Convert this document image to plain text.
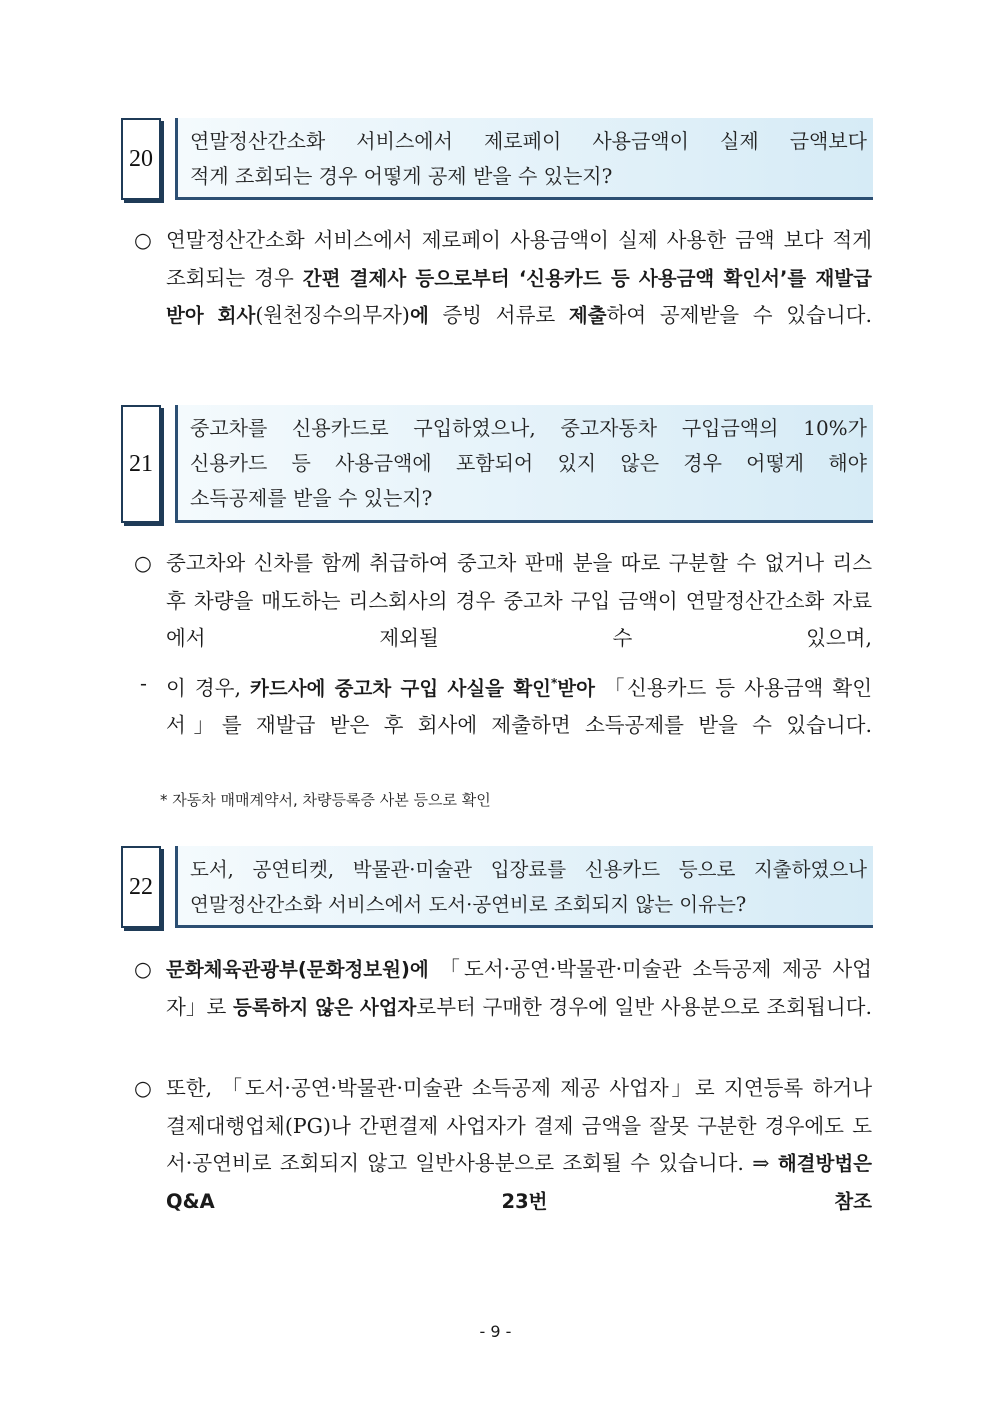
20
연말정산간소화 서비스에서 제로페이 사용금액이 실제 금액보다
적게 조회되는 경우 어떻게 공제 받을 수 있는지?
○ 연말정산간소화 서비스에서 제로페이 사용금액이 실제 사용한 금액 보다 적게 조회되는 경우 간편 결제사 등으로부터 ‘신용카드 등 사용금액 확인서’를 재발급 받아 회사(원천징수의무자)에 증빙 서류로 제출하여 공제받을 수 있습니다.
21
중고차를 신용카드로 구입하였으나, 중고자동차 구입금액의 10%가
신용카드 등 사용금액에 포함되어 있지 않은 경우 어떻게 해야
소득공제를 받을 수 있는지?
○ 중고차와 신차를 함께 취급하여 중고차 판매 분을 따로 구분할 수 없거나 리스 후 차량을 매도하는 리스회사의 경우 중고차 구입 금액이 연말정산간소화 자료에서 제외될 수 있으며,
- 이 경우, 카드사에 중고차 구입 사실을 확인*받아 「신용카드 등 사용금액 확인서」를 재발급 받은 후 회사에 제출하면 소득공제를 받을 수 있습니다.
* 자동차 매매계약서, 차량등록증 사본 등으로 확인
22
도서, 공연티켓, 박물관·미술관 입장료를 신용카드 등으로 지출하였으나
연말정산간소화 서비스에서 도서·공연비로 조회되지 않는 이유는?
○ 문화체육관광부(문화정보원)에 「도서·공연·박물관·미술관 소득공제 제공 사업자」로 등록하지 않은 사업자로부터 구매한 경우에 일반 사용분으로 조회됩니다.
○ 또한, 「도서·공연·박물관·미술관 소득공제 제공 사업자」로 지연등록 하거나 결제대행업체(PG)나 간편결제 사업자가 결제 금액을 잘못 구분한 경우에도 도서·공연비로 조회되지 않고 일반사용분으로 조회될 수 있습니다. ⇒ 해결방법은 Q&A 23번 참조
- 9 -
